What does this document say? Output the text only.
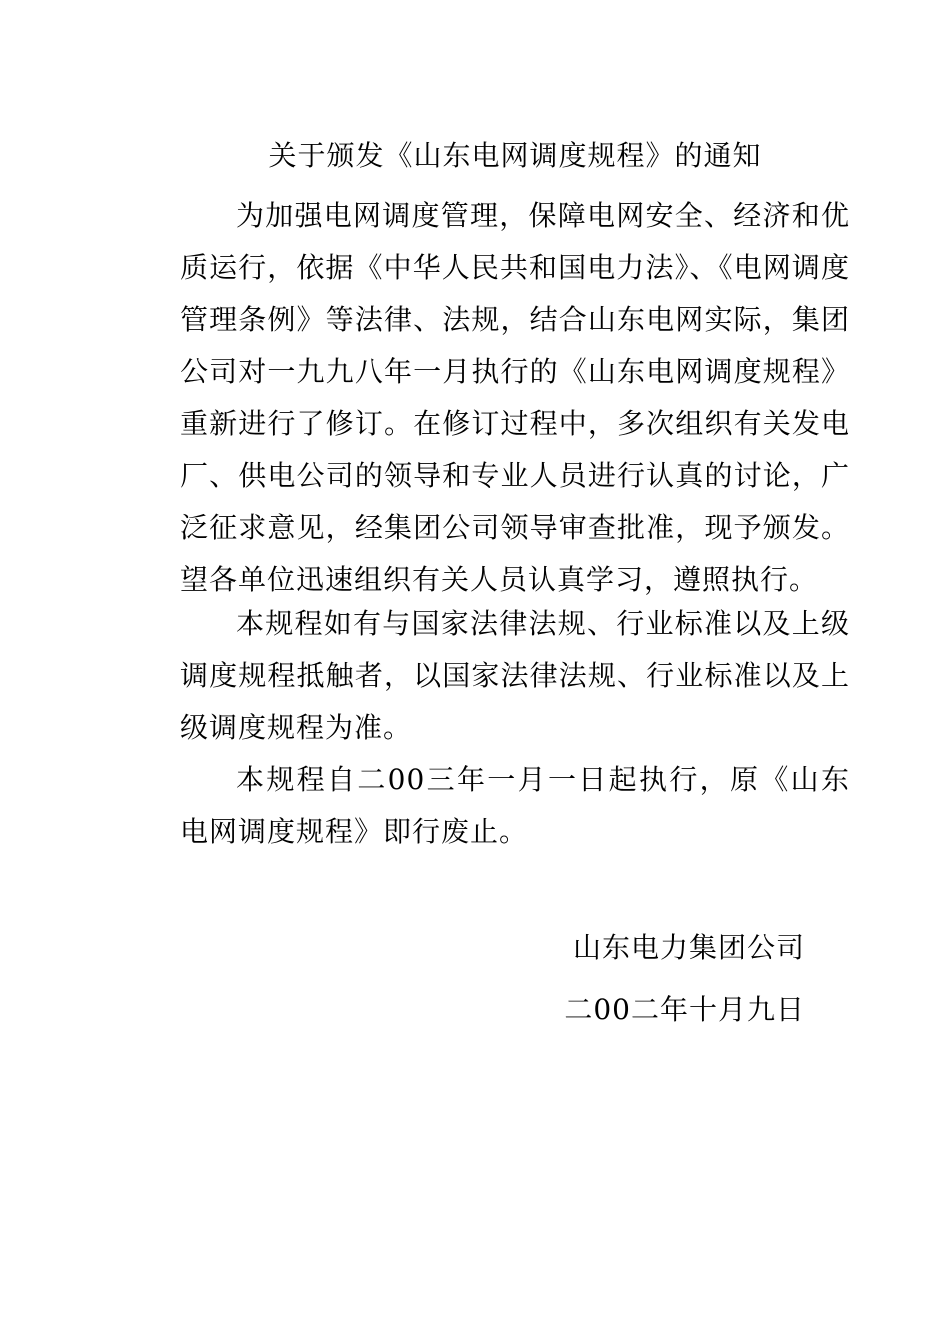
关于颁发《山东电网调度规程》的通知

为加强电网调度管理，保障电网安全、经济和优质运行，依据《中华人民共和国电力法》、《电网调度管理条例》等法律、法规，结合山东电网实际，集团公司对一九九八年一月执行的《山东电网调度规程》重新进行了修订。在修订过程中，多次组织有关发电厂、供电公司的领导和专业人员进行认真的讨论，广泛征求意见，经集团公司领导审查批准，现予颁发。望各单位迅速组织有关人员认真学习，遵照执行。

本规程如有与国家法律法规、行业标准以及上级调度规程抵触者，以国家法律法规、行业标准以及上级调度规程为准。

本规程自二00三年一月一日起执行，原《山东电网调度规程》即行废止。

山东电力集团公司

二00二年十月九日
